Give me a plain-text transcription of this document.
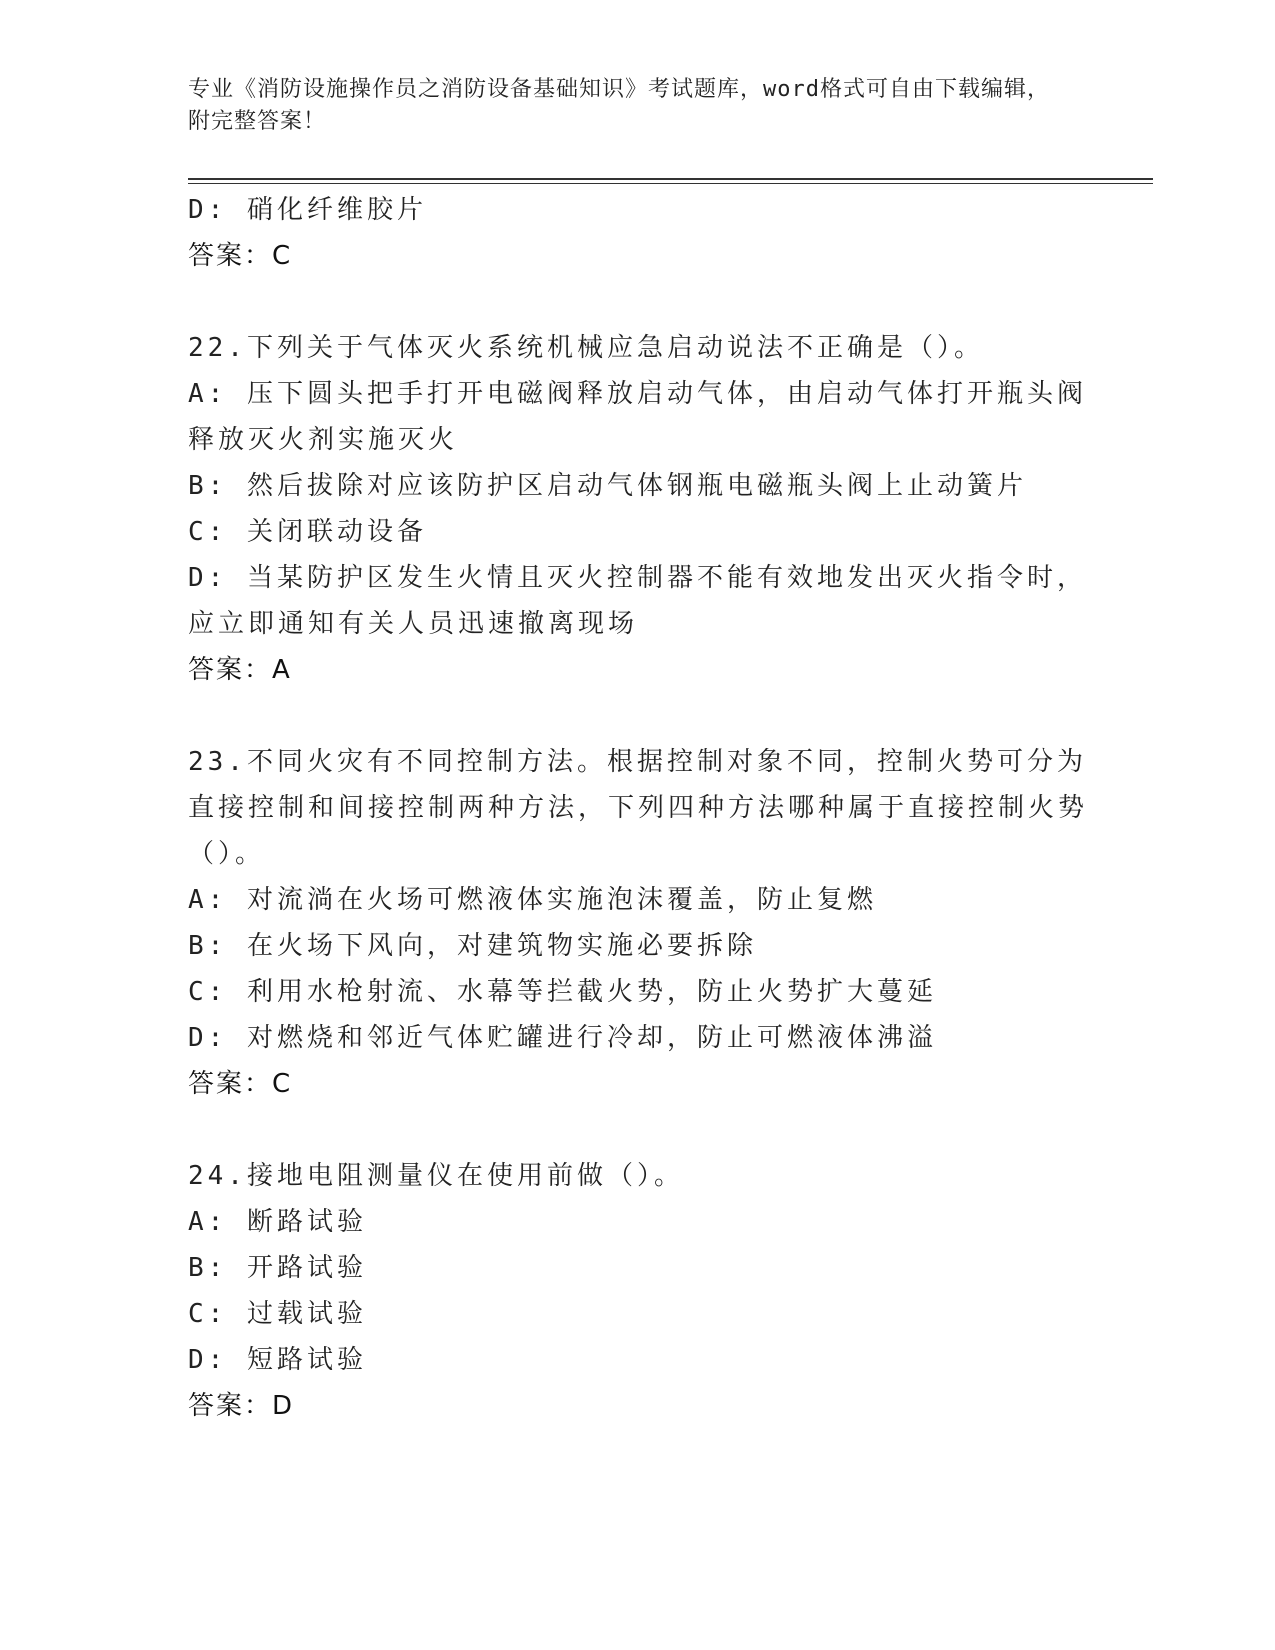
专业《消防设施操作员之消防设备基础知识》考试题库，word格式可自由下载编辑，附完整答案！
D: 硝化纤维胶片
答案：C
22.下列关于气体灭火系统机械应急启动说法不正确是（）。
A: 压下圆头把手打开电磁阀释放启动气体，由启动气体打开瓶头阀释放灭火剂实施灭火
B: 然后拔除对应该防护区启动气体钢瓶电磁瓶头阀上止动簧片
C: 关闭联动设备
D: 当某防护区发生火情且灭火控制器不能有效地发出灭火指令时，应立即通知有关人员迅速撤离现场
答案：A
23.不同火灾有不同控制方法。根据控制对象不同，控制火势可分为直接控制和间接控制两种方法，下列四种方法哪种属于直接控制火势（）。
A: 对流淌在火场可燃液体实施泡沫覆盖，防止复燃
B: 在火场下风向，对建筑物实施必要拆除
C: 利用水枪射流、水幕等拦截火势，防止火势扩大蔓延
D: 对燃烧和邻近气体贮罐进行冷却，防止可燃液体沸溢
答案：C
24.接地电阻测量仪在使用前做（）。
A: 断路试验
B: 开路试验
C: 过载试验
D: 短路试验
答案：D
